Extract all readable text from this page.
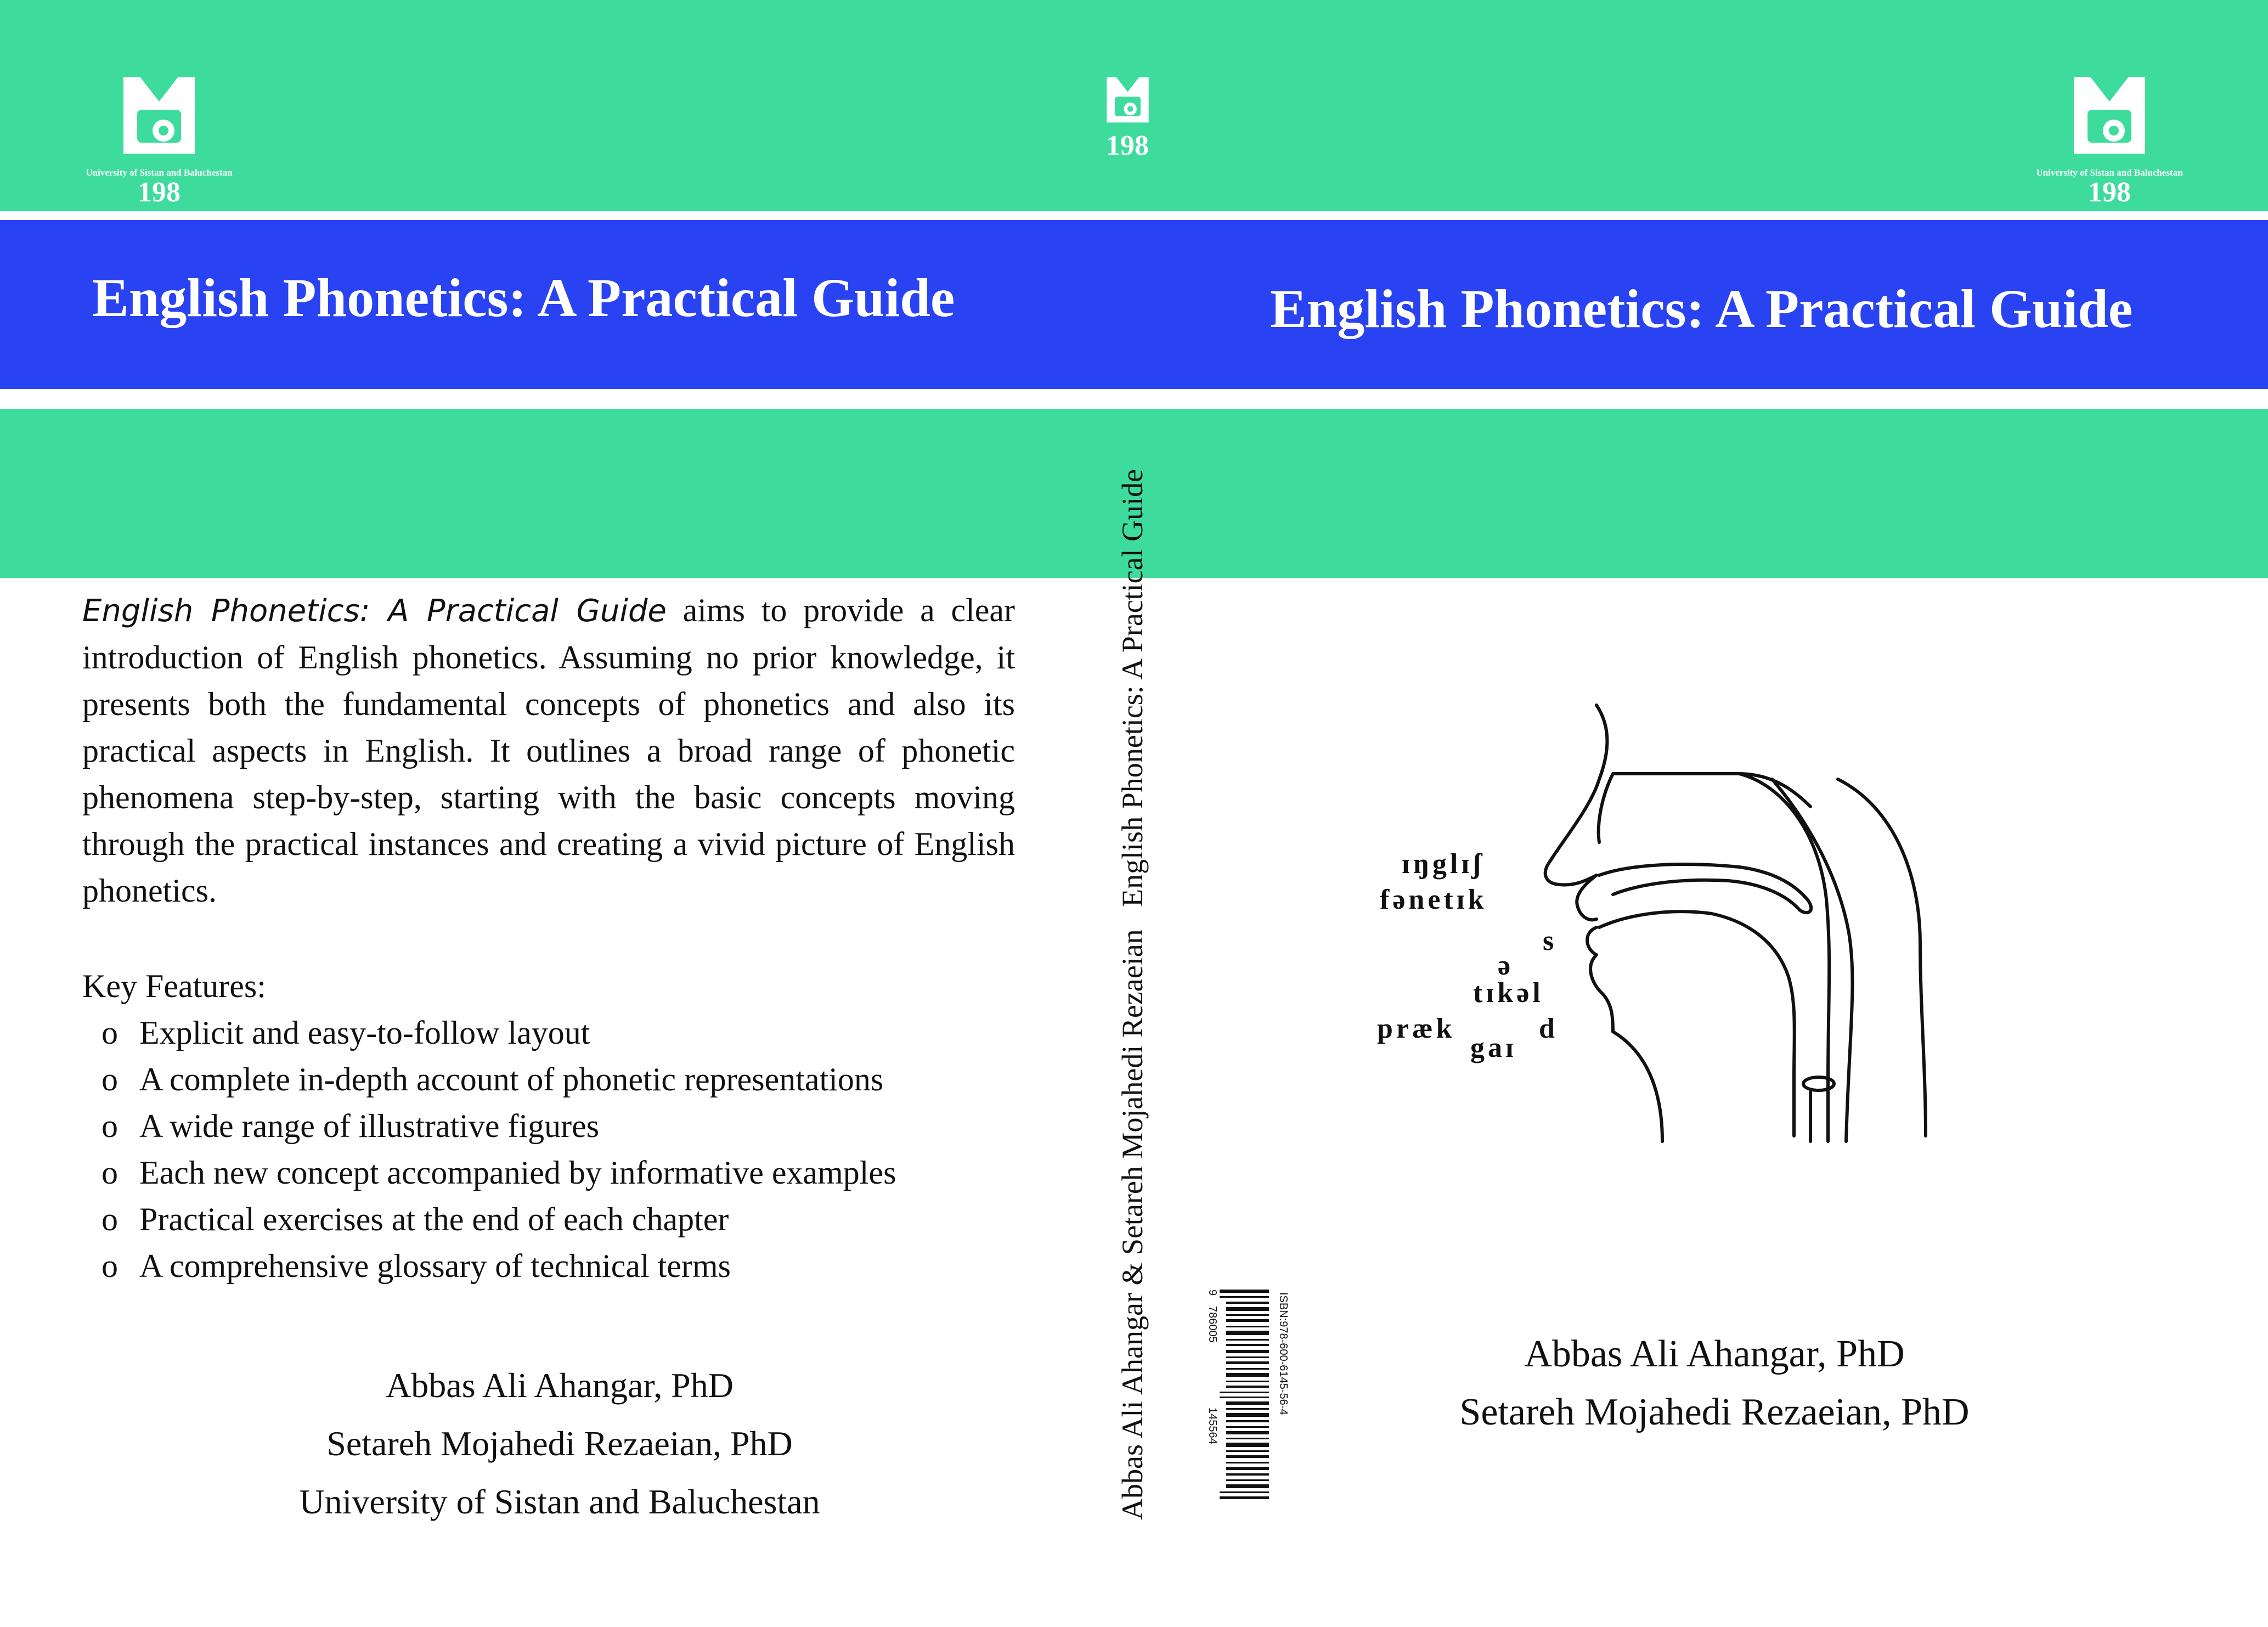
University of Sistan and Baluchestan
198
198
University of Sistan and Baluchestan
198
English Phonetics: A Practical Guide	English Phonetics: A Practical Guide
English Phonetics: A Practical Guide aims to provide a clear introduction of English phonetics. Assuming no prior knowledge, it presents both the fundamental concepts of phonetics and also its practical aspects in English. It outlines a broad range of phonetic phenomena step-by-step, starting with the basic concepts moving through the practical instances and creating a vivid picture of English phonetics.
Key Features:
o Explicit and easy-to-follow layout
o A complete in-depth account of phonetic representations
o A wide range of illustrative figures
o Each new concept accompanied by informative examples
o Practical exercises at the end of each chapter
o A comprehensive glossary of technical terms
Abbas Ali Ahangar, PhD
Setareh Mojahedi Rezaeian, PhD
University of Sistan and Baluchestan	Abbas Ali Ahangar & Setareh Mojahedi Rezaeian   English Phonetics: A Practical Guide
ISBN:978-600-6145-56-4
786005
145564
9
ɪŋglɪʃ
fənetɪk
s
ə
præk
tɪkəl
gaɪ
d
Abbas Ali Ahangar, PhD
Setareh Mojahedi Rezaeian, PhD
